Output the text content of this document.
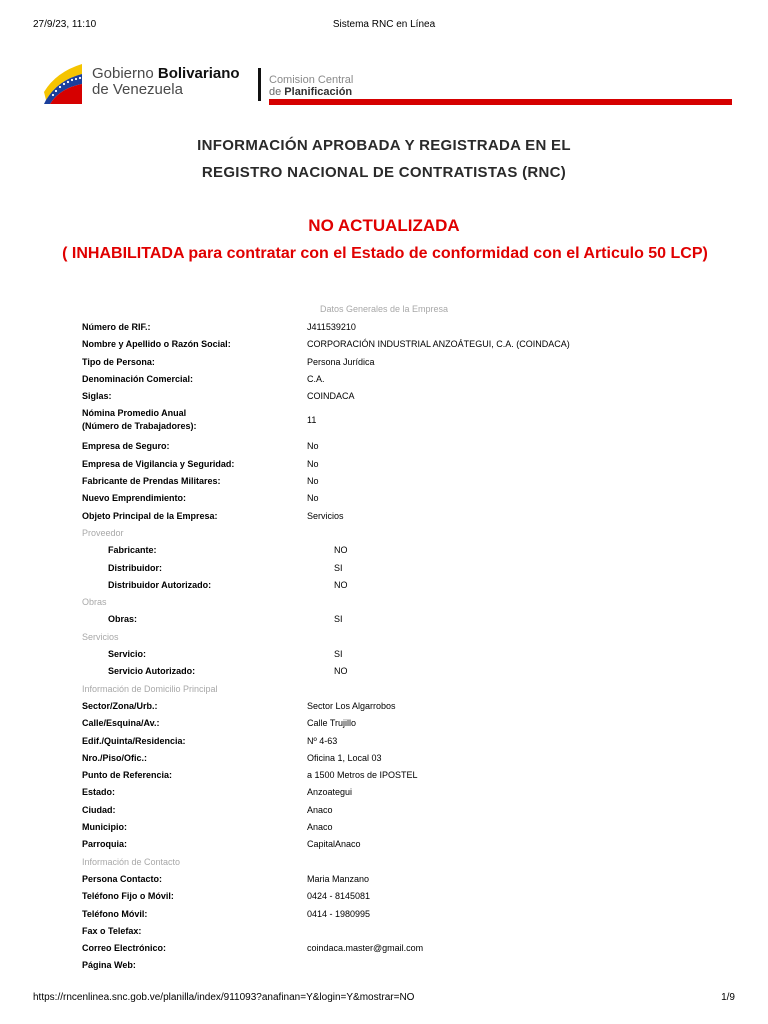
27/9/23, 11:10	Sistema RNC en Línea
Gobierno Bolivariano
de Venezuela
Comision Central
de Planificación
INFORMACIÓN APROBADA Y REGISTRADA EN EL
REGISTRO NACIONAL DE CONTRATISTAS (RNC)
NO ACTUALIZADA
( INHABILITADA para contratar con el Estado de conformidad con el Articulo 50 LCP)
Datos Generales de la Empresa
Número de RIF.:	J411539210
Nombre y Apellido o Razón Social:	CORPORACIÓN INDUSTRIAL ANZOÁTEGUI, C.A. (COINDACA)
Tipo de Persona:	Persona Jurídica
Denominación Comercial:	C.A.
Siglas:	COINDACA
Nómina Promedio Anual
(Número de Trabajadores):
11
Empresa de Seguro:	No
Empresa de Vigilancia y Seguridad:	No
Fabricante de Prendas Militares:	No
Nuevo Emprendimiento:	No
Objeto Principal de la Empresa:	Servicios
Proveedor
Fabricante:	NO
Distribuidor:	SI
Distribuidor Autorizado:	NO
Obras
Obras:	SI
Servicios
Servicio:	SI
Servicio Autorizado:	NO
Información de Domicilio Principal
Sector/Zona/Urb.:	Sector Los Algarrobos
Calle/Esquina/Av.:	Calle Trujillo
Edif./Quinta/Residencia:	Nº 4-63
Nro./Piso/Ofic.:	Oficina 1, Local 03
Punto de Referencia:	a 1500 Metros de IPOSTEL
Estado:	Anzoategui
Ciudad:	Anaco
Municipio:	Anaco
Parroquia:	CapitalAnaco
Información de Contacto
Persona Contacto:	Maria Manzano
Teléfono Fijo o Móvil:	0424 - 8145081
Teléfono Móvil:	0414 - 1980995
Fax o Telefax:
Correo Electrónico:	coindaca.master@gmail.com
Página Web:
https://rncenlinea.snc.gob.ve/planilla/index/911093?anafinan=Y&login=Y&mostrar=NO	1/9
